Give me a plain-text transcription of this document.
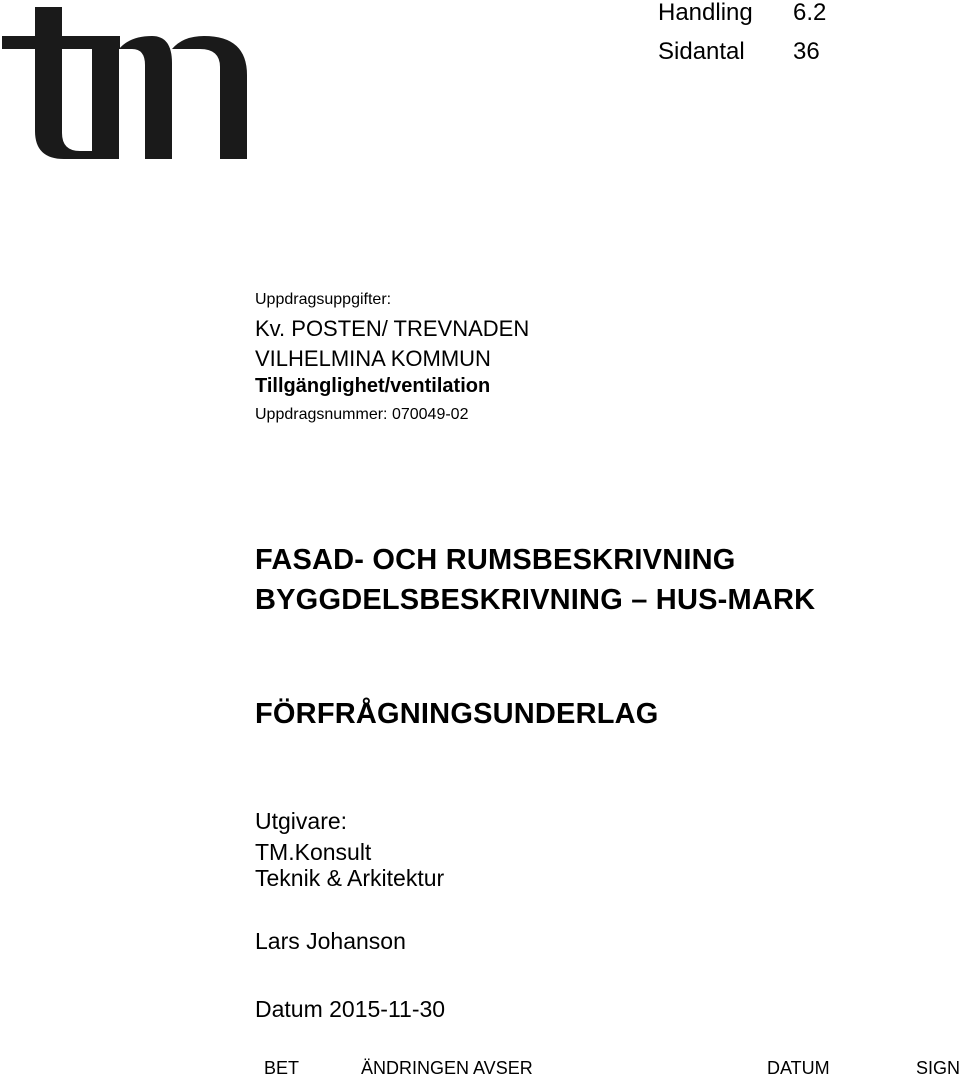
Handling 6.2
Sidantal 36
Uppdragsuppgifter:
Kv. POSTEN/ TREVNADEN
VILHELMINA KOMMUN
Tillgänglighet/ventilation
Uppdragsnummer: 070049-02
FASAD- OCH RUMSBESKRIVNING
BYGGDELSBESKRIVNING – HUS-MARK
FÖRFRÅGNINGSUNDERLAG
Utgivare:
TM.Konsult
Teknik & Arkitektur
Lars Johanson
Datum 2015-11-30
BET	ÄNDRINGEN AVSER	DATUM	SIGN
